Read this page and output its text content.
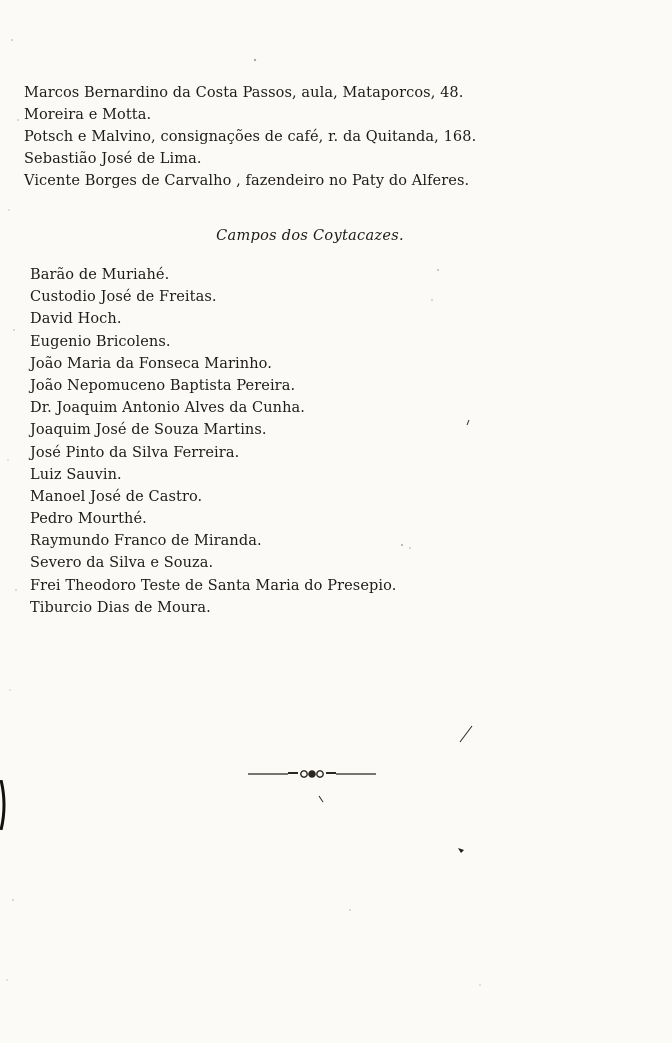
Marcos Bernardino da Costa Passos, aula, Mataporcos, 48.
Moreira e Motta.
Potsch e Malvino, consignações de café, r. da Quitanda, 168.
Sebastião José de Lima.
Vicente Borges de Carvalho , fazendeiro no Paty do Alferes.
Campos dos Coytacazes.
Barão de Muriahé.
Custodio José de Freitas.
David Hoch.
Eugenio Bricolens.
João Maria da Fonseca Marinho.
João Nepomuceno Baptista Pereira.
Dr. Joaquim Antonio Alves da Cunha.
Joaquim José de Souza Martins.
José Pinto da Silva Ferreira.
Luiz Sauvin.
Manoel José de Castro.
Pedro Mourthé.
Raymundo Franco de Miranda.
Severo da Silva e Souza.
Frei Theodoro Teste de Santa Maria do Presepio.
Tiburcio Dias de Moura.
